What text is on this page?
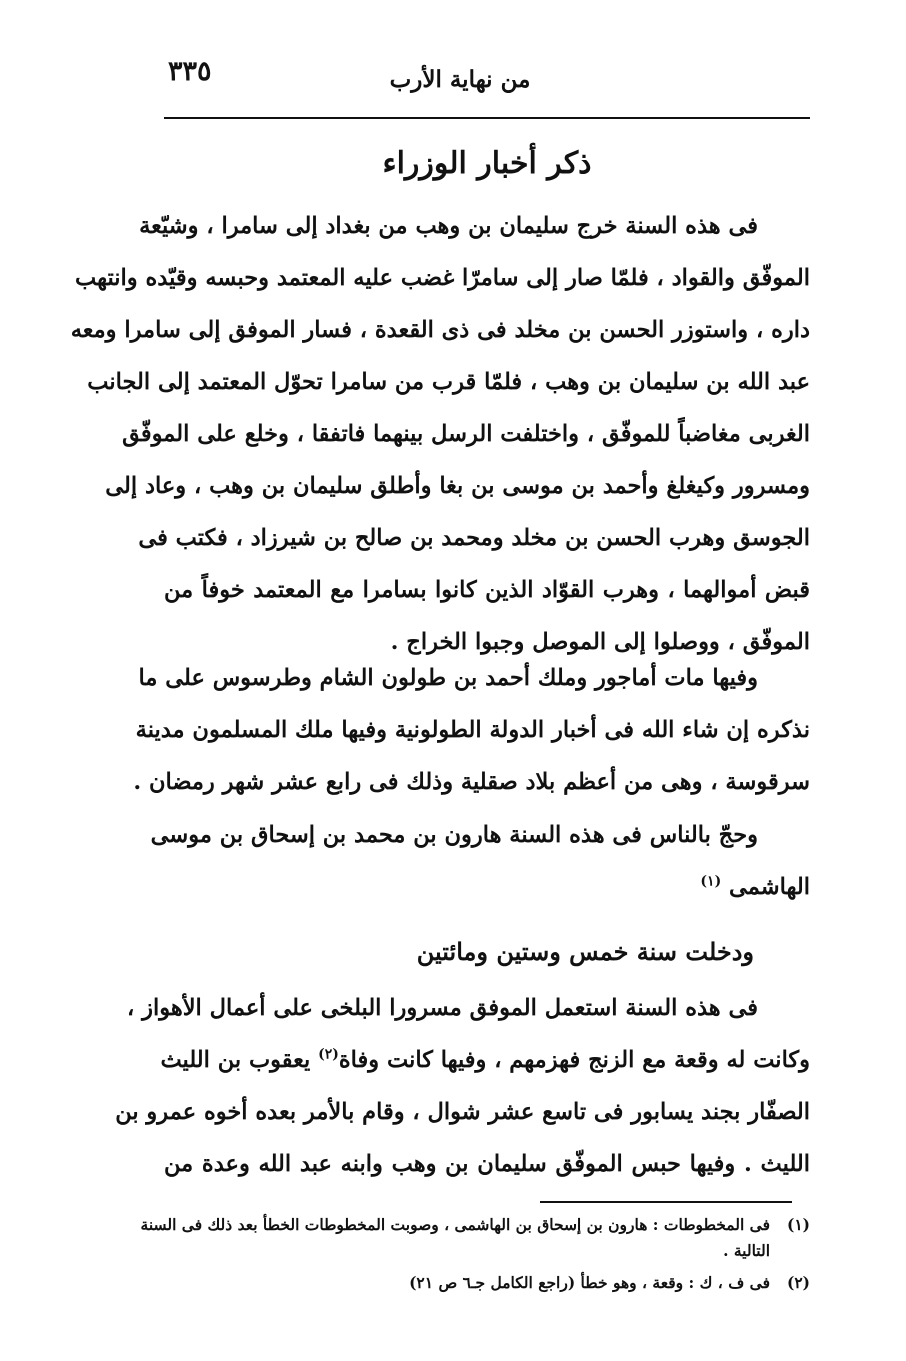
٣٣٥	من نهاية الأرب
ذكر أخبار الوزراء
فى هذه السنة خرج سليمان بن وهب من بغداد إلى سامرا ، وشيّعة
الموفّق والقواد ، فلمّا صار إلى سامرّا غضب عليه المعتمد وحبسه وقيّده وانتهب
داره ، واستوزر الحسن بن مخلد فى ذى القعدة ، فسار الموفق إلى سامرا ومعه
عبد الله بن سليمان بن وهب ، فلمّا قرب من سامرا تحوّل المعتمد إلى الجانب
الغربى مغاضباً للموفّق ، واختلفت الرسل بينهما فاتفقا ، وخلع على الموفّق
ومسرور وكيغلغ وأحمد بن موسى بن بغا وأطلق سليمان بن وهب ، وعاد إلى
الجوسق وهرب الحسن بن مخلد ومحمد بن صالح بن شيرزاد ، فكتب فى
قبض أموالهما ، وهرب القوّاد الذين كانوا بسامرا مع المعتمد خوفاً من
الموفّق ، ووصلوا إلى الموصل وجبوا الخراج .
وفيها مات أماجور وملك أحمد بن طولون الشام وطرسوس على ما
نذكره إن شاء الله فى أخبار الدولة الطولونية وفيها ملك المسلمون مدينة
سرقوسة ، وهى من أعظم بلاد صقلية وذلك فى رابع عشر شهر رمضان .
وحجّ بالناس فى هذه السنة هارون بن محمد بن إسحاق بن موسى
الهاشمى $^{(١)}$
ودخلت سنة خمس وستين ومائتين
فى هذه السنة استعمل الموفق مسرورا البلخى على أعمال الأهواز ،
وكانت له وقعة مع الزنج فهزمهم ، وفيها كانت وفاة$^{(٢)}$ يعقوب بن الليث
الصفّار بجند يسابور فى تاسع عشر شوال ، وقام بالأمر بعده أخوه عمرو بن
الليث . وفيها حبس الموفّق سليمان بن وهب وابنه عبد الله وعدة من
(١)
فى المخطوطات : هارون بن إسحاق بن الهاشمى ، وصوبت المخطوطات الخطأ بعد ذلك فى السنة
التالية .
(٢)
فى ف ، ك : وقعة ، وهو خطأ (راجع الكامل جـ٦ ص ٢١)
